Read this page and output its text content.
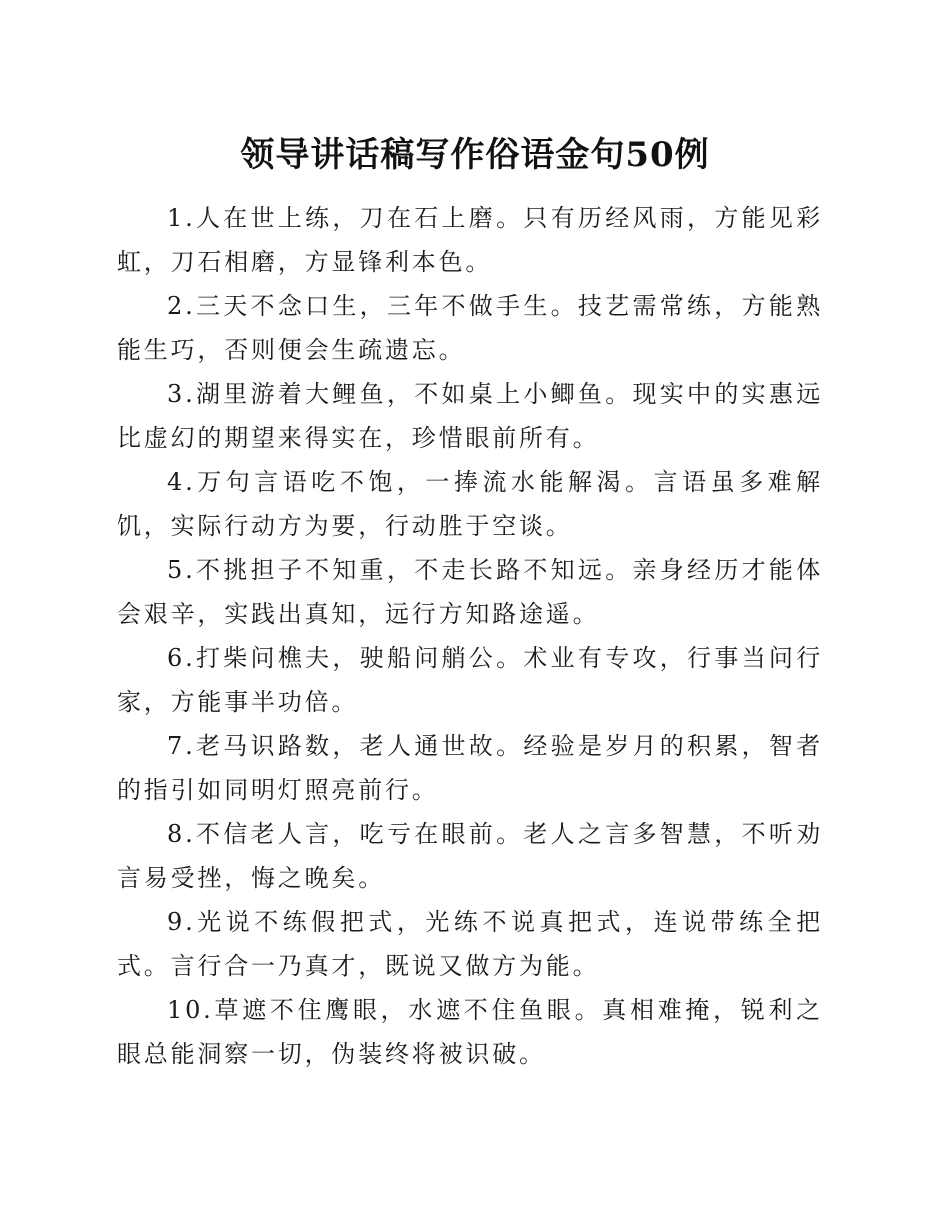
领导讲话稿写作俗语金句50例

1.人在世上练，刀在石上磨。只有历经风雨，方能见彩虹，刀石相磨，方显锋利本色。

2.三天不念口生，三年不做手生。技艺需常练，方能熟能生巧，否则便会生疏遗忘。

3.湖里游着大鲤鱼，不如桌上小鲫鱼。现实中的实惠远比虚幻的期望来得实在，珍惜眼前所有。

4.万句言语吃不饱，一捧流水能解渴。言语虽多难解饥，实际行动方为要，行动胜于空谈。

5.不挑担子不知重，不走长路不知远。亲身经历才能体会艰辛，实践出真知，远行方知路途遥。

6.打柴问樵夫，驶船问艄公。术业有专攻，行事当问行家，方能事半功倍。

7.老马识路数，老人通世故。经验是岁月的积累，智者的指引如同明灯照亮前行。

8.不信老人言，吃亏在眼前。老人之言多智慧，不听劝言易受挫，悔之晚矣。

9.光说不练假把式，光练不说真把式，连说带练全把式。言行合一乃真才，既说又做方为能。

10.草遮不住鹰眼，水遮不住鱼眼。真相难掩，锐利之眼总能洞察一切，伪装终将被识破。
